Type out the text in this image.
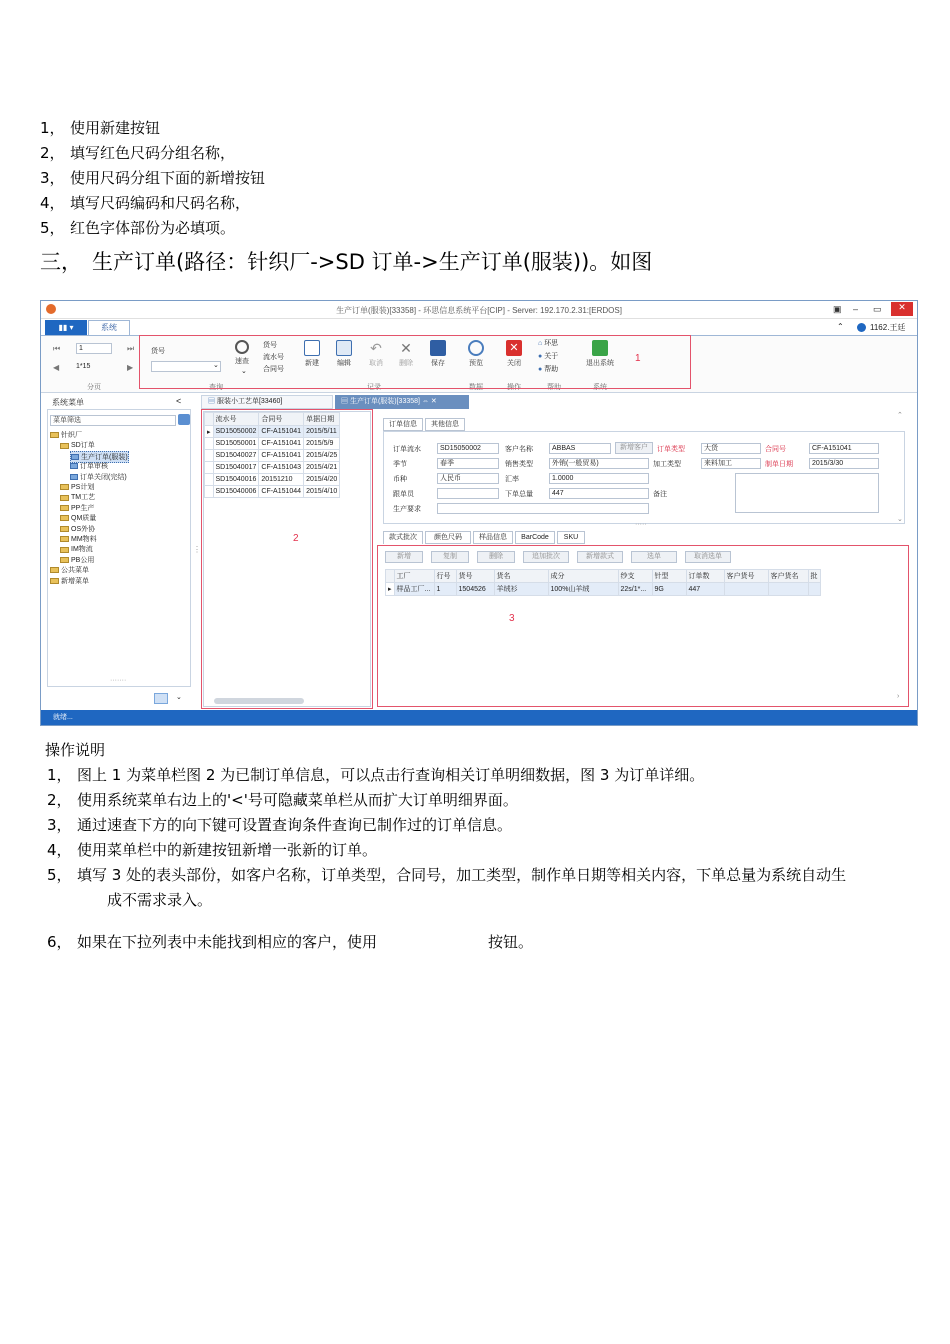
1， 使用新建按钮
2， 填写红色尺码分组名称，
3， 使用尺码分组下面的新增按钮
4， 填写尺码编码和尺码名称，
5， 红色字体部份为必填项。
三， 生产订单(路径：针织厂->SD 订单->生产订单(服装))。如图
生产订单(服装)[33358] - 环思信息系统平台[CIP] - Server: 192.170.2.31:[ERDOS]	▣ – ▭	✕
▮▮ ▾	系统	⌃	1162.王廷
⏮	1	⏭
◀ 1*15	▶
分页
货号
⌄
速查
⌄
货号
流水号
合同号
查询
新建	编辑
↶
取消
✕
删除	保存
记录
预览
数据
✕
关闭
操作
⌂ 环思
● 关于
● 帮助
帮助
退出系统
系统
1
系统菜单	<
菜单筛选
针织厂
SD订单
生产订单(服装)
订单审核
订单关闭(完结)
PS计划
TM工艺
PP生产
QM质量
OS外协
MM物料
IM物流
PB公用
公共菜单
新增菜单
·······
⌄
⋮
▤ 服装小工艺单[33460]	▤ 生产订单(服装)[33358] ⇔ ✕
	流水号	合同号	单据日期
▸	SD15050002	CF-A151041	2015/5/11
	SD15050001	CF-A151041	2015/5/9
	SD15040027	CF-A151041	2015/4/25
	SD15040017	CF-A151043	2015/4/21
	SD15040016	20151210	2015/4/20
	SD15040006	CF-A151044	2015/4/10
2
订单信息	其他信息
订单流水	SD15050002	客户名称	ABBAS	新增客户	订单类型	大货	合同号	CF-A151041
季节	春季	销售类型	外销(一般贸易)	加工类型	来料加工	制单日期	2015/3/30
币种	人民币	汇率	1.0000
跟单员	下单总量	447	备注
生产要求
·····
款式批次	颜色尺码	样品信息	BarCode	SKU
新增	复制	删除	追加批次	新增款式	选单	取消选单
	工厂	行号	货号	货名	成分	纱支	针型	订单数	客户货号	客户货名	批
▸	样品工厂...	1	1504526	羊绒衫	100%山羊绒	22s/1*...	9G	447			
3
⌃
⌄
›
就绪...
操作说明
1， 图上 1 为菜单栏图 2 为已制订单信息，可以点击行查询相关订单明细数据，图 3 为订单详细。
2， 使用系统菜单右边上的'<'号可隐藏菜单栏从而扩大订单明细界面。
3， 通过速查下方的向下键可设置查询条件查询已制作过的订单信息。
4， 使用菜单栏中的新建按钮新增一张新的订单。
5， 填写 3 处的表头部份，如客户名称，订单类型，合同号，加工类型，制作单日期等相关内容，下单总量为系统自动生
成不需求录入。
6， 如果在下拉列表中未能找到相应的客户，使用	按钮。
